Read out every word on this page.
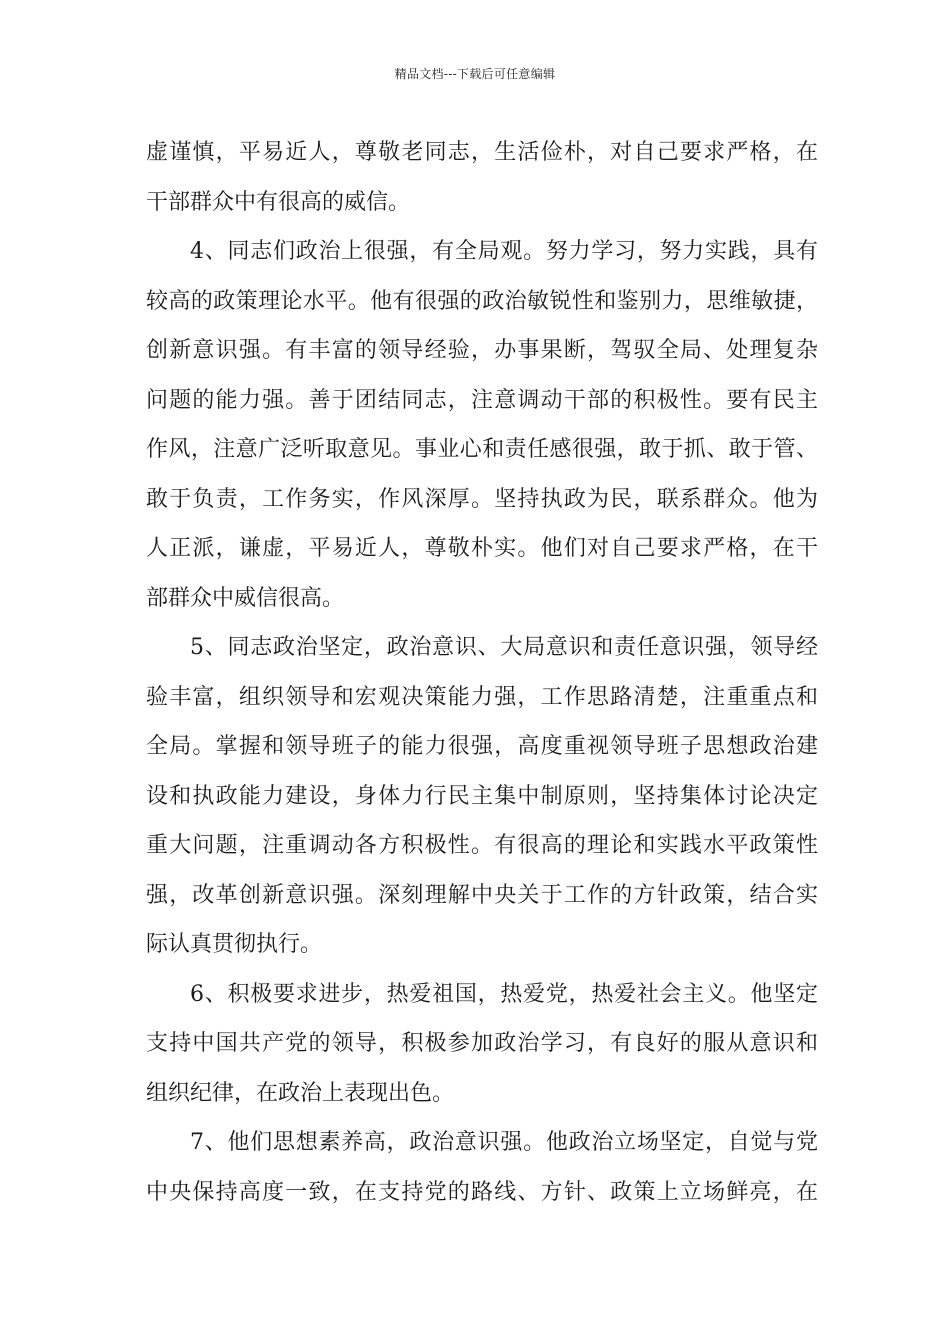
精品文档---下载后可任意编辑
虚谨慎，平易近人，尊敬老同志，生活俭朴，对自己要求严格，在
干部群众中有很高的威信。
4、同志们政治上很强，有全局观。努力学习，努力实践，具有
较高的政策理论水平。他有很强的政治敏锐性和鉴别力，思维敏捷，
创新意识强。有丰富的领导经验，办事果断，驾驭全局、处理复杂
问题的能力强。善于团结同志，注意调动干部的积极性。要有民主
作风，注意广泛听取意见。事业心和责任感很强，敢于抓、敢于管、
敢于负责，工作务实，作风深厚。坚持执政为民，联系群众。他为
人正派，谦虚，平易近人，尊敬朴实。他们对自己要求严格，在干
部群众中威信很高。
5、同志政治坚定，政治意识、大局意识和责任意识强，领导经
验丰富，组织领导和宏观决策能力强，工作思路清楚，注重重点和
全局。掌握和领导班子的能力很强，高度重视领导班子思想政治建
设和执政能力建设，身体力行民主集中制原则，坚持集体讨论决定
重大问题，注重调动各方积极性。有很高的理论和实践水平政策性
强，改革创新意识强。深刻理解中央关于工作的方针政策，结合实
际认真贯彻执行。
6、积极要求进步，热爱祖国，热爱党，热爱社会主义。他坚定
支持中国共产党的领导，积极参加政治学习，有良好的服从意识和
组织纪律，在政治上表现出色。
7、他们思想素养高，政治意识强。他政治立场坚定，自觉与党
中央保持高度一致，在支持党的路线、方针、政策上立场鲜亮，在
